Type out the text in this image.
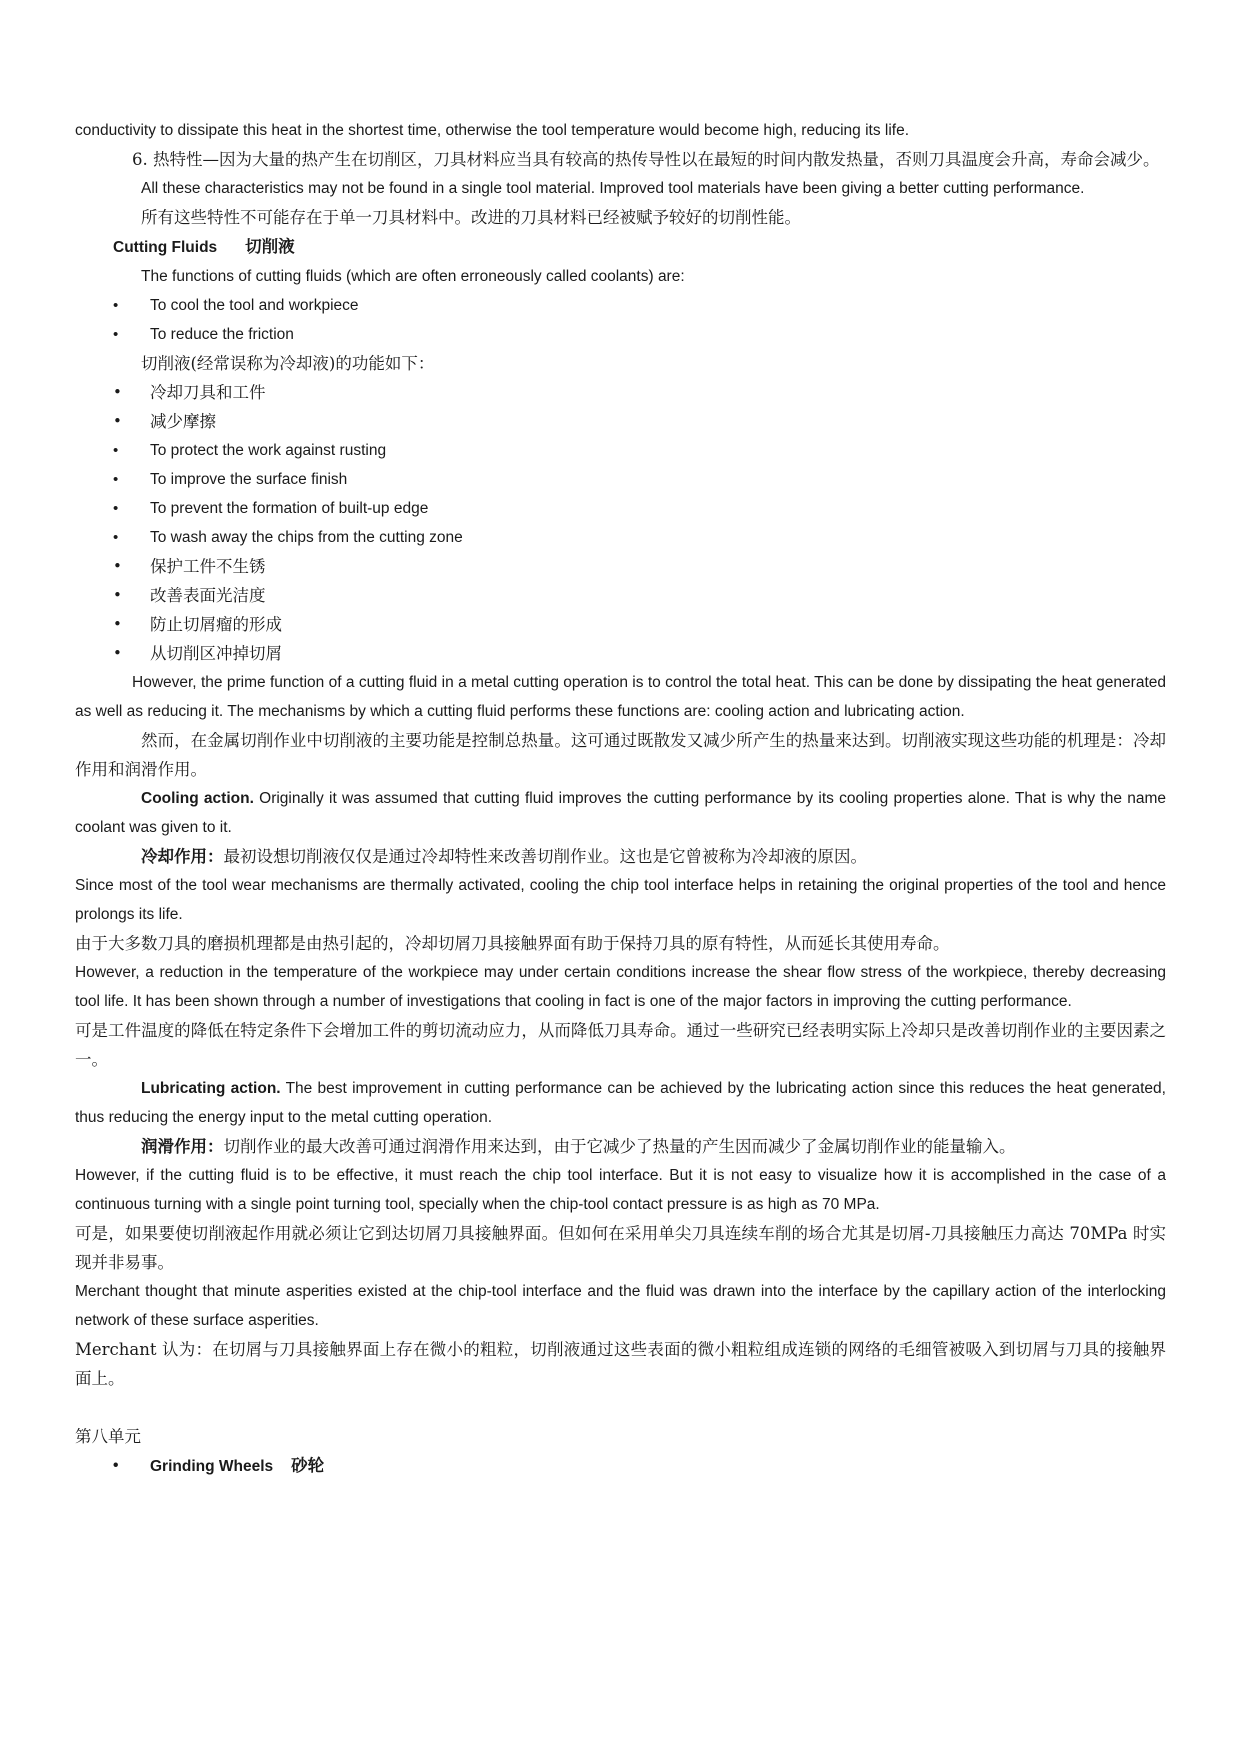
conductivity to dissipate this heat in the shortest time, otherwise the tool temperature would become high, reducing its life.

6. 热特性—因为大量的热产生在切削区，刀具材料应当具有较高的热传导性以在最短的时间内散发热量，否则刀具温度会升高，寿命会减少。

All these characteristics may not be found in a single tool material. Improved tool materials have been giving a better cutting performance.

所有这些特性不可能存在于单一刀具材料中。改进的刀具材料已经被赋予较好的切削性能。

Cutting Fluids 切削液

The functions of cutting fluids (which are often erroneously called coolants) are:

• To cool the tool and workpiece
• To reduce the friction

切削液(经常误称为冷却液)的功能如下：

• 冷却刀具和工件
• 减少摩擦
• To protect the work against rusting
• To improve the surface finish
• To prevent the formation of built-up edge
• To wash away the chips from the cutting zone
• 保护工件不生锈
• 改善表面光洁度
• 防止切屑瘤的形成
• 从切削区冲掉切屑

However, the prime function of a cutting fluid in a metal cutting operation is to control the total heat. This can be done by dissipating the heat generated as well as reducing it. The mechanisms by which a cutting fluid performs these functions are: cooling action and lubricating action.

然而，在金属切削作业中切削液的主要功能是控制总热量。这可通过既散发又减少所产生的热量来达到。切削液实现这些功能的机理是：冷却作用和润滑作用。

Cooling action. Originally it was assumed that cutting fluid improves the cutting performance by its cooling properties alone. That is why the name coolant was given to it.

冷却作用：最初设想切削液仅仅是通过冷却特性来改善切削作业。这也是它曾被称为冷却液的原因。

Since most of the tool wear mechanisms are thermally activated, cooling the chip tool interface helps in retaining the original properties of the tool and hence prolongs its life.

由于大多数刀具的磨损机理都是由热引起的，冷却切屑刀具接触界面有助于保持刀具的原有特性，从而延长其使用寿命。

However, a reduction in the temperature of the workpiece may under certain conditions increase the shear flow stress of the workpiece, thereby decreasing tool life. It has been shown through a number of investigations that cooling in fact is one of the major factors in improving the cutting performance.

可是工件温度的降低在特定条件下会增加工件的剪切流动应力，从而降低刀具寿命。通过一些研究已经表明实际上冷却只是改善切削作业的主要因素之一。

Lubricating action. The best improvement in cutting performance can be achieved by the lubricating action since this reduces the heat generated, thus reducing the energy input to the metal cutting operation.

润滑作用：切削作业的最大改善可通过润滑作用来达到，由于它减少了热量的产生因而减少了金属切削作业的能量输入。

However, if the cutting fluid is to be effective, it must reach the chip tool interface. But it is not easy to visualize how it is accomplished in the case of a continuous turning with a single point turning tool, specially when the chip-tool contact pressure is as high as 70 MPa.

可是，如果要使切削液起作用就必须让它到达切屑刀具接触界面。但如何在采用单尖刀具连续车削的场合尤其是切屑-刀具接触压力高达 70MPa 时实现并非易事。

Merchant thought that minute asperities existed at the chip-tool interface and the fluid was drawn into the interface by the capillary action of the interlocking network of these surface asperities.

Merchant 认为：在切屑与刀具接触界面上存在微小的粗粒，切削液通过这些表面的微小粗粒组成连锁的网络的毛细管被吸入到切屑与刀具的接触界面上。

第八单元

• Grinding Wheels 砂轮
